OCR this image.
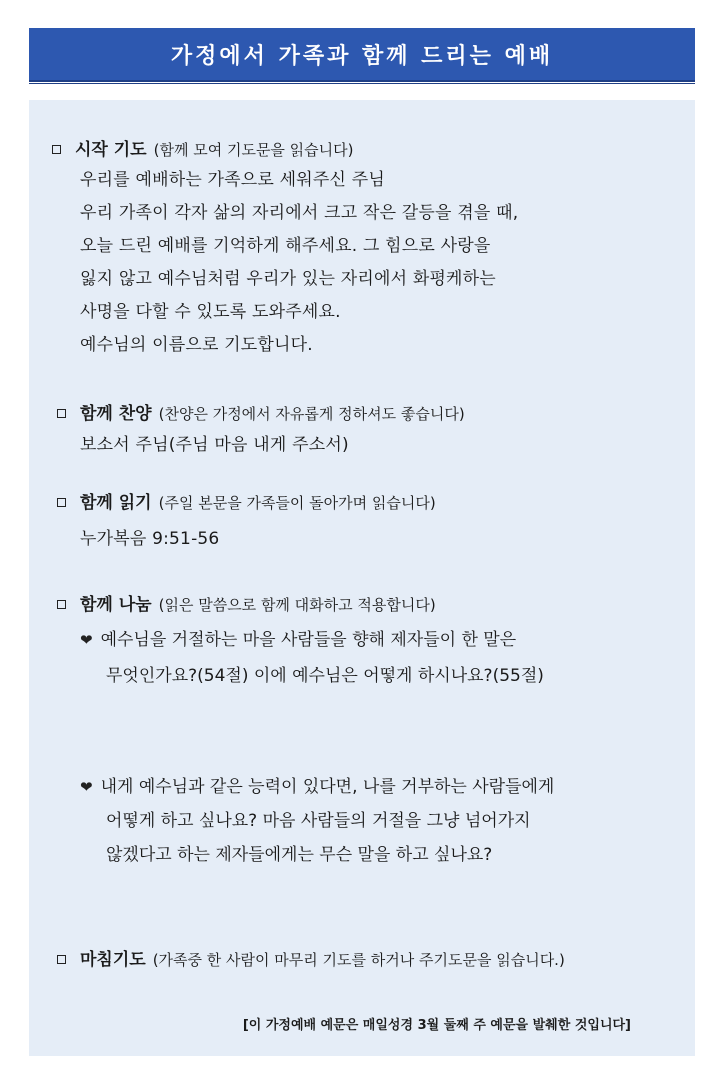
가정에서 가족과 함께 드리는 예배
시작 기도 (함께 모여 기도문을 읽습니다)
우리를 예배하는 가족으로 세워주신 주님
우리 가족이 각자 삶의 자리에서 크고 작은 갈등을 겪을 때,
오늘 드린 예배를 기억하게 해주세요. 그 힘으로 사랑을
잃지 않고 예수님처럼 우리가 있는 자리에서 화평케하는
사명을 다할 수 있도록 도와주세요.
예수님의 이름으로 기도합니다.
함께 찬양 (찬양은 가정에서 자유롭게 정하셔도 좋습니다)
보소서 주님(주님 마음 내게 주소서)
함께 읽기 (주일 본문을 가족들이 돌아가며 읽습니다)
누가복음 9:51-56
함께 나눔 (읽은 말씀으로 함께 대화하고 적용합니다)
❤ 예수님을 거절하는 마을 사람들을 향해 제자들이 한 말은
무엇인가요?(54절) 이에 예수님은 어떻게 하시나요?(55절)
❤ 내게 예수님과 같은 능력이 있다면, 나를 거부하는 사람들에게
어떻게 하고 싶나요? 마음 사람들의 거절을 그냥 넘어가지
않겠다고 하는 제자들에게는 무슨 말을 하고 싶나요?
마침기도 (가족중 한 사람이 마무리 기도를 하거나 주기도문을 읽습니다.)
[이 가정예배 예문은 매일성경 3월 둘째 주 예문을 발췌한 것입니다]
